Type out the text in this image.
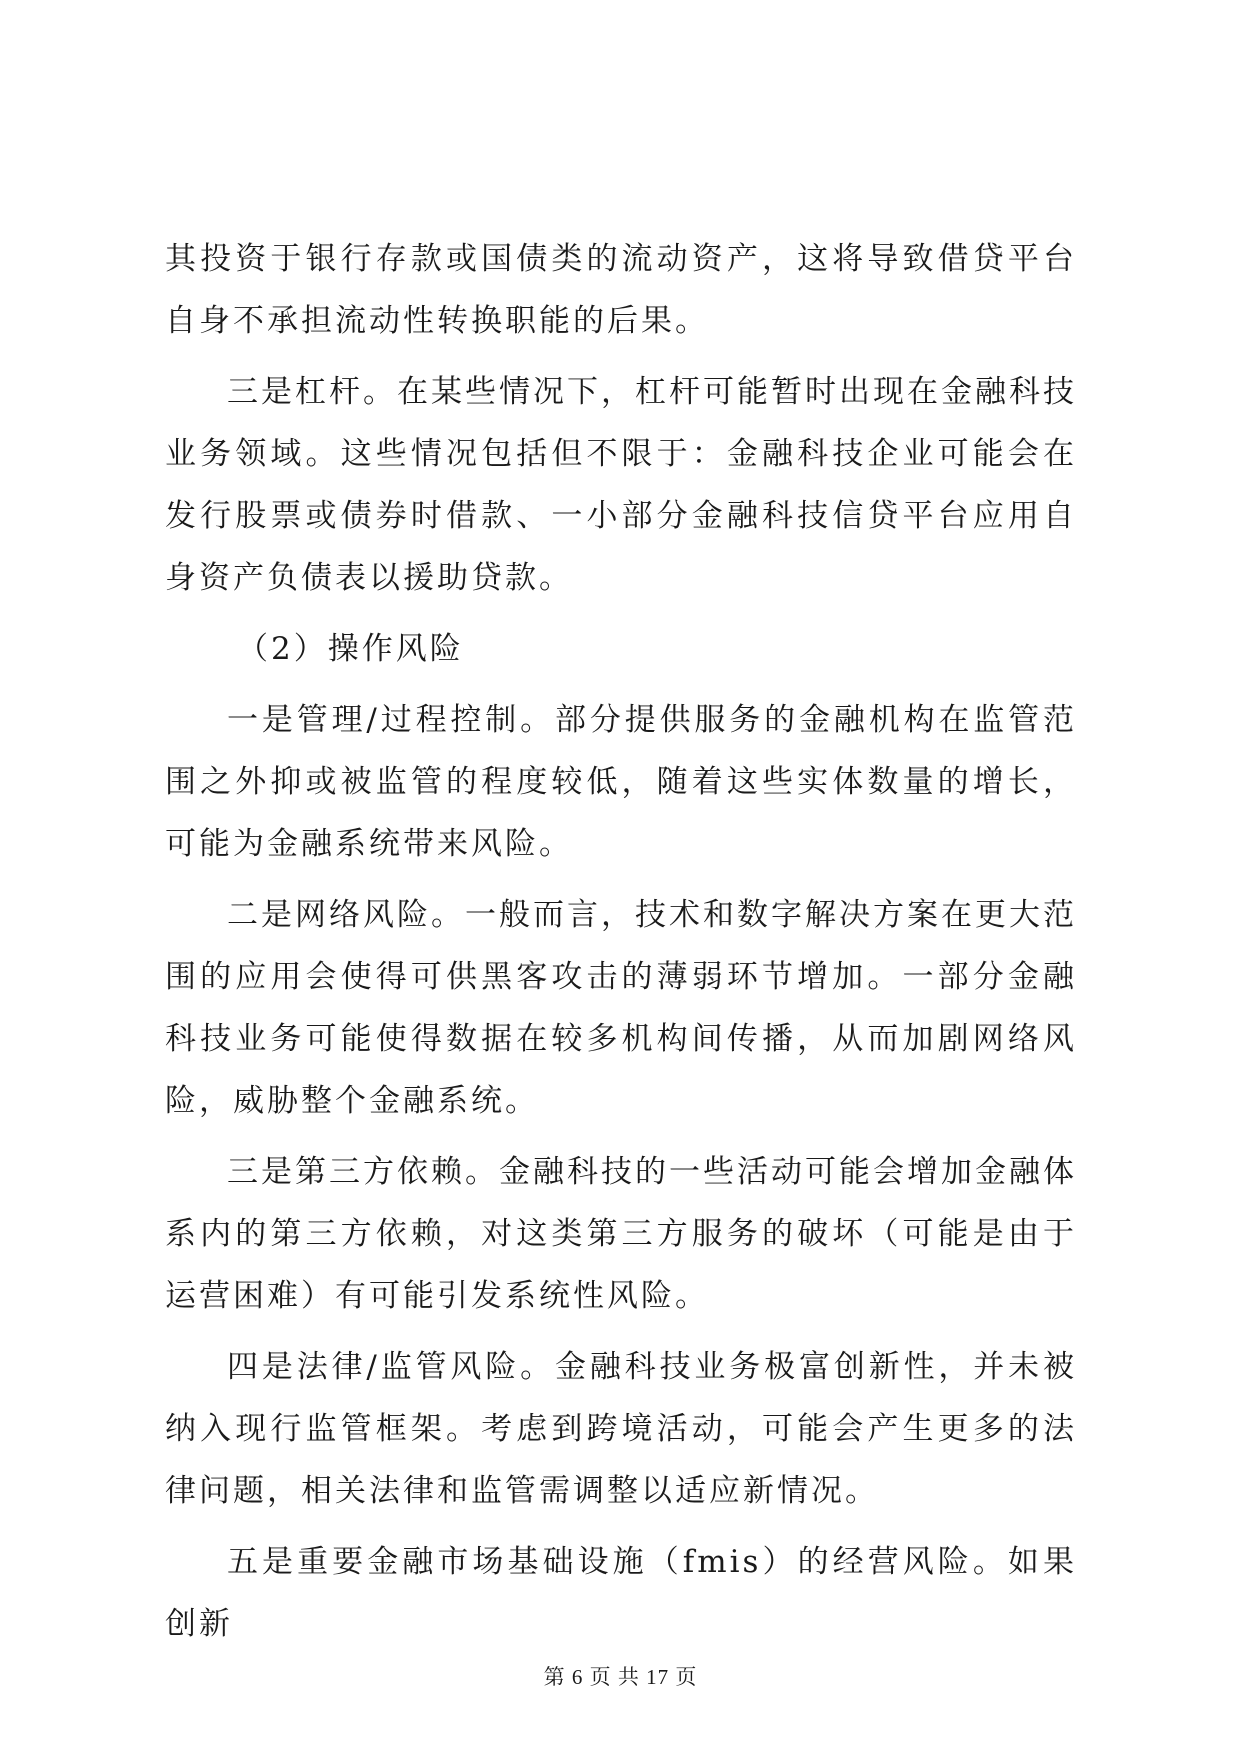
其投资于银行存款或国债类的流动资产，这将导致借贷平台自身不承担流动性转换职能的后果。

三是杠杆。在某些情况下，杠杆可能暂时出现在金融科技业务领域。这些情况包括但不限于：金融科技企业可能会在发行股票或债券时借款、一小部分金融科技信贷平台应用自身资产负债表以援助贷款。

（2）操作风险

一是管理/过程控制。部分提供服务的金融机构在监管范围之外抑或被监管的程度较低，随着这些实体数量的增长，可能为金融系统带来风险。

二是网络风险。一般而言，技术和数字解决方案在更大范围的应用会使得可供黑客攻击的薄弱环节增加。一部分金融科技业务可能使得数据在较多机构间传播，从而加剧网络风险，威胁整个金融系统。

三是第三方依赖。金融科技的一些活动可能会增加金融体系内的第三方依赖，对这类第三方服务的破坏（可能是由于运营困难）有可能引发系统性风险。

四是法律/监管风险。金融科技业务极富创新性，并未被纳入现行监管框架。考虑到跨境活动，可能会产生更多的法律问题，相关法律和监管需调整以适应新情况。

五是重要金融市场基础设施（fmis）的经营风险。如果创新

第 6 页 共 17 页
